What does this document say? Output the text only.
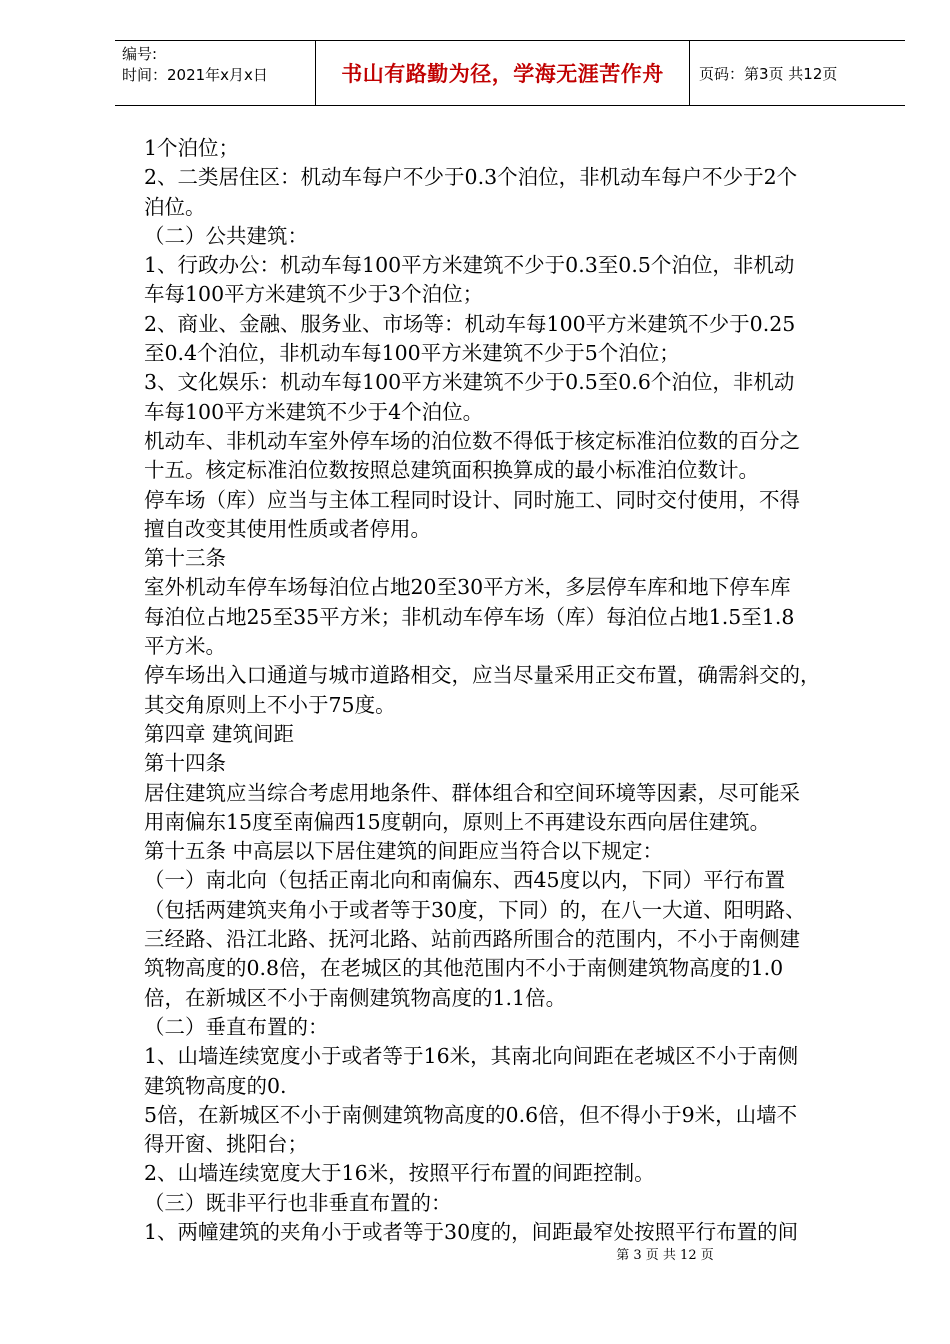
编号:
时间：2021年x月x日	书山有路勤为径，学海无涯苦作舟	页码：第3页 共12页
1个泊位；
2、二类居住区：机动车每户不少于0.3个泊位，非机动车每户不少于2个
泊位。
（二）公共建筑：
1、行政办公：机动车每100平方米建筑不少于0.3至0.5个泊位，非机动
车每100平方米建筑不少于3个泊位；
2、商业、金融、服务业、市场等：机动车每100平方米建筑不少于0.25
至0.4个泊位，非机动车每100平方米建筑不少于5个泊位；
3、文化娱乐：机动车每100平方米建筑不少于0.5至0.6个泊位，非机动
车每100平方米建筑不少于4个泊位。
机动车、非机动车室外停车场的泊位数不得低于核定标准泊位数的百分之
十五。核定标准泊位数按照总建筑面积换算成的最小标准泊位数计。
停车场（库）应当与主体工程同时设计、同时施工、同时交付使用，不得
擅自改变其使用性质或者停用。
第十三条
室外机动车停车场每泊位占地20至30平方米，多层停车库和地下停车库
每泊位占地25至35平方米；非机动车停车场（库）每泊位占地1.5至1.8
平方米。
停车场出入口通道与城市道路相交，应当尽量采用正交布置，确需斜交的，
其交角原则上不小于75度。
第四章 建筑间距
第十四条
居住建筑应当综合考虑用地条件、群体组合和空间环境等因素，尽可能采
用南偏东15度至南偏西15度朝向，原则上不再建设东西向居住建筑。
第十五条 中高层以下居住建筑的间距应当符合以下规定：
（一）南北向（包括正南北向和南偏东、西45度以内，下同）平行布置
（包括两建筑夹角小于或者等于30度，下同）的，在八一大道、阳明路、
三经路、沿江北路、抚河北路、站前西路所围合的范围内，不小于南侧建
筑物高度的0.8倍，在老城区的其他范围内不小于南侧建筑物高度的1.0
倍，在新城区不小于南侧建筑物高度的1.1倍。
（二）垂直布置的：
1、山墙连续宽度小于或者等于16米，其南北向间距在老城区不小于南侧
建筑物高度的0.
5倍，在新城区不小于南侧建筑物高度的0.6倍，但不得小于9米，山墙不
得开窗、挑阳台；
2、山墙连续宽度大于16米，按照平行布置的间距控制。
（三）既非平行也非垂直布置的：
1、两幢建筑的夹角小于或者等于30度的，间距最窄处按照平行布置的间
第 3 页 共 12 页
